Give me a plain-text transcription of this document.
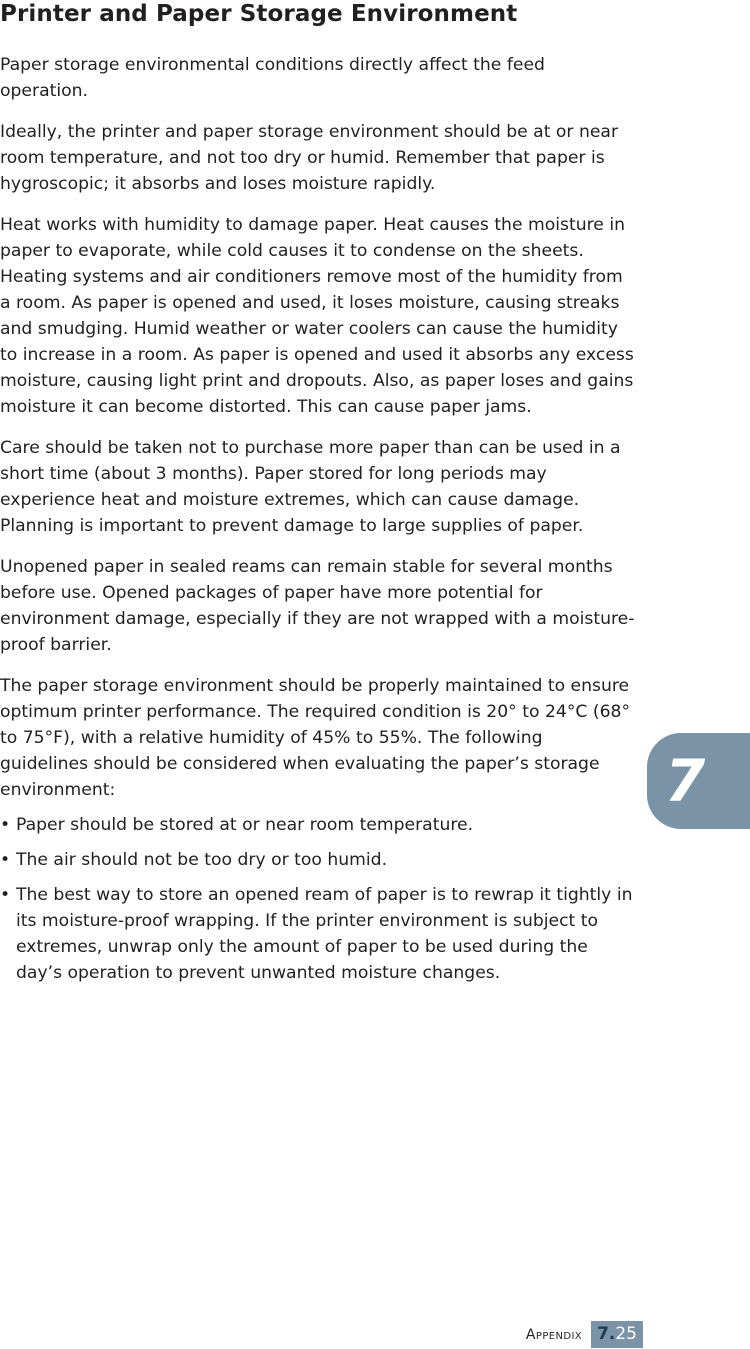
Printer and Paper Storage Environment

Paper storage environmental conditions directly affect the feed operation.

Ideally, the printer and paper storage environment should be at or near room temperature, and not too dry or humid. Remember that paper is hygroscopic; it absorbs and loses moisture rapidly.

Heat works with humidity to damage paper. Heat causes the moisture in paper to evaporate, while cold causes it to condense on the sheets. Heating systems and air conditioners remove most of the humidity from a room. As paper is opened and used, it loses moisture, causing streaks and smudging. Humid weather or water coolers can cause the humidity to increase in a room. As paper is opened and used it absorbs any excess moisture, causing light print and dropouts. Also, as paper loses and gains moisture it can become distorted. This can cause paper jams.

Care should be taken not to purchase more paper than can be used in a short time (about 3 months). Paper stored for long periods may experience heat and moisture extremes, which can cause damage. Planning is important to prevent damage to large supplies of paper.

Unopened paper in sealed reams can remain stable for several months before use. Opened packages of paper have more potential for environment damage, especially if they are not wrapped with a moisture-proof barrier.

The paper storage environment should be properly maintained to ensure optimum printer performance. The required condition is 20° to 24°C (68° to 75°F), with a relative humidity of 45% to 55%. The following guidelines should be considered when evaluating the paper’s storage environment:

• Paper should be stored at or near room temperature.
• The air should not be too dry or too humid.
• The best way to store an opened ream of paper is to rewrap it tightly in its moisture-proof wrapping. If the printer environment is subject to extremes, unwrap only the amount of paper to be used during the day’s operation to prevent unwanted moisture changes.
7
Appendix 7.25
